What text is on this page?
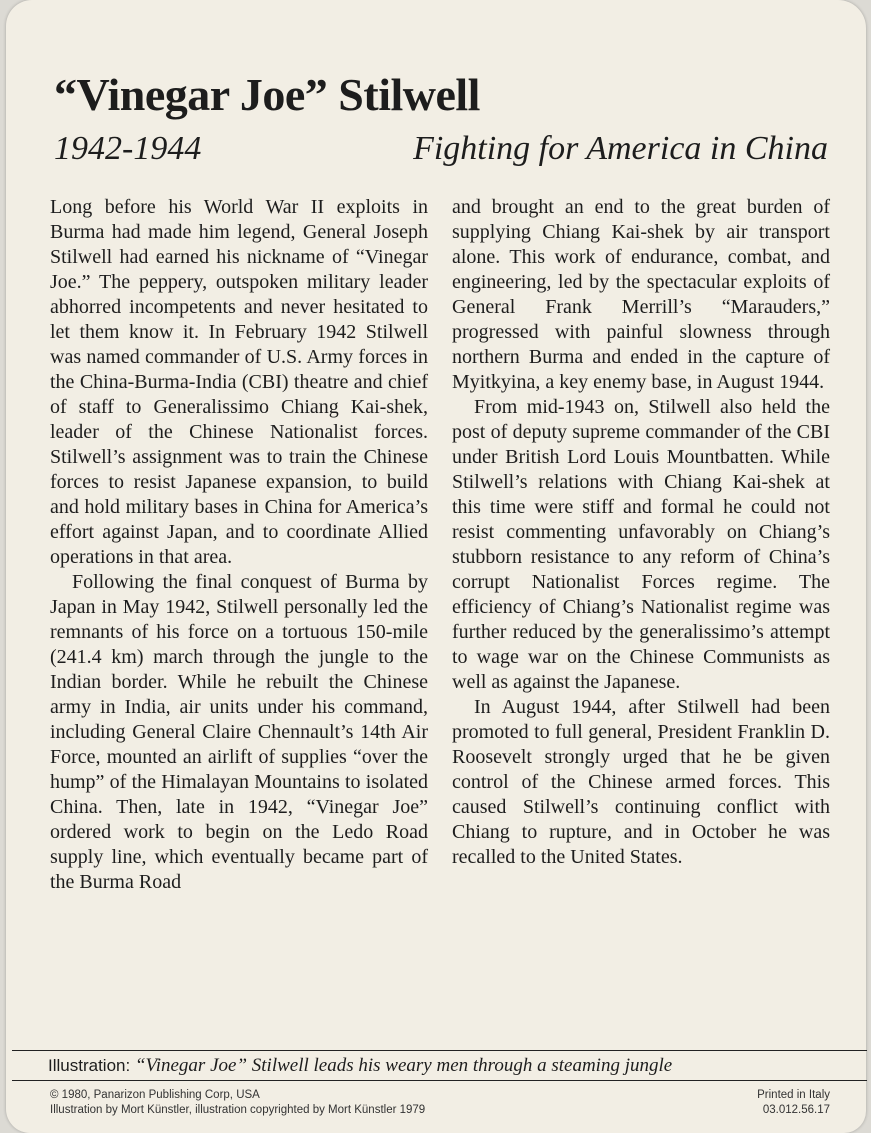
“Vinegar Joe” Stilwell
1942-1944	Fighting for America in China

Long before his World War II exploits in Burma had made him legend, General Joseph Stilwell had earned his nickname of “Vinegar Joe.” The peppery, outspoken military leader abhorred incompetents and never hesitated to let them know it. In February 1942 Stilwell was named commander of U.S. Army forces in the China-Burma-India (CBI) theatre and chief of staff to Generalissimo Chiang Kai-shek, leader of the Chinese Nationalist forces. Stilwell’s assignment was to train the Chinese forces to resist Japanese expansion, to build and hold military bases in China for America’s effort against Japan, and to coordinate Allied operations in that area.

Following the final conquest of Burma by Japan in May 1942, Stilwell personally led the remnants of his force on a tortuous 150-mile (241.4 km) march through the jungle to the Indian border. While he rebuilt the Chinese army in India, air units under his command, including General Claire Chennault’s 14th Air Force, mounted an airlift of supplies “over the hump” of the Himalayan Mountains to isolated China. Then, late in 1942, “Vinegar Joe” ordered work to begin on the Ledo Road supply line, which eventually became part of the Burma Road

and brought an end to the great burden of supplying Chiang Kai-shek by air transport alone. This work of endurance, combat, and engineering, led by the spectacular exploits of General Frank Merrill’s “Marauders,” progressed with painful slowness through northern Burma and ended in the capture of Myitkyina, a key enemy base, in August 1944.

From mid-1943 on, Stilwell also held the post of deputy supreme commander of the CBI under British Lord Louis Mountbatten. While Stilwell’s relations with Chiang Kai-shek at this time were stiff and formal he could not resist commenting unfavorably on Chiang’s stubborn resistance to any reform of China’s corrupt Nationalist Forces regime. The efficiency of Chiang’s Nationalist regime was further reduced by the generalissimo’s attempt to wage war on the Chinese Communists as well as against the Japanese.

In August 1944, after Stilwell had been promoted to full general, President Franklin D. Roosevelt strongly urged that he be given control of the Chinese armed forces. This caused Stilwell’s continuing conflict with Chiang to rupture, and in October he was recalled to the United States.

Illustration: “Vinegar Joe” Stilwell leads his weary men through a steaming jungle
© 1980, Panarizon Publishing Corp, USA
Illustration by Mort Künstler, illustration copyrighted by Mort Künstler 1979
Printed in Italy
03.012.56.17
